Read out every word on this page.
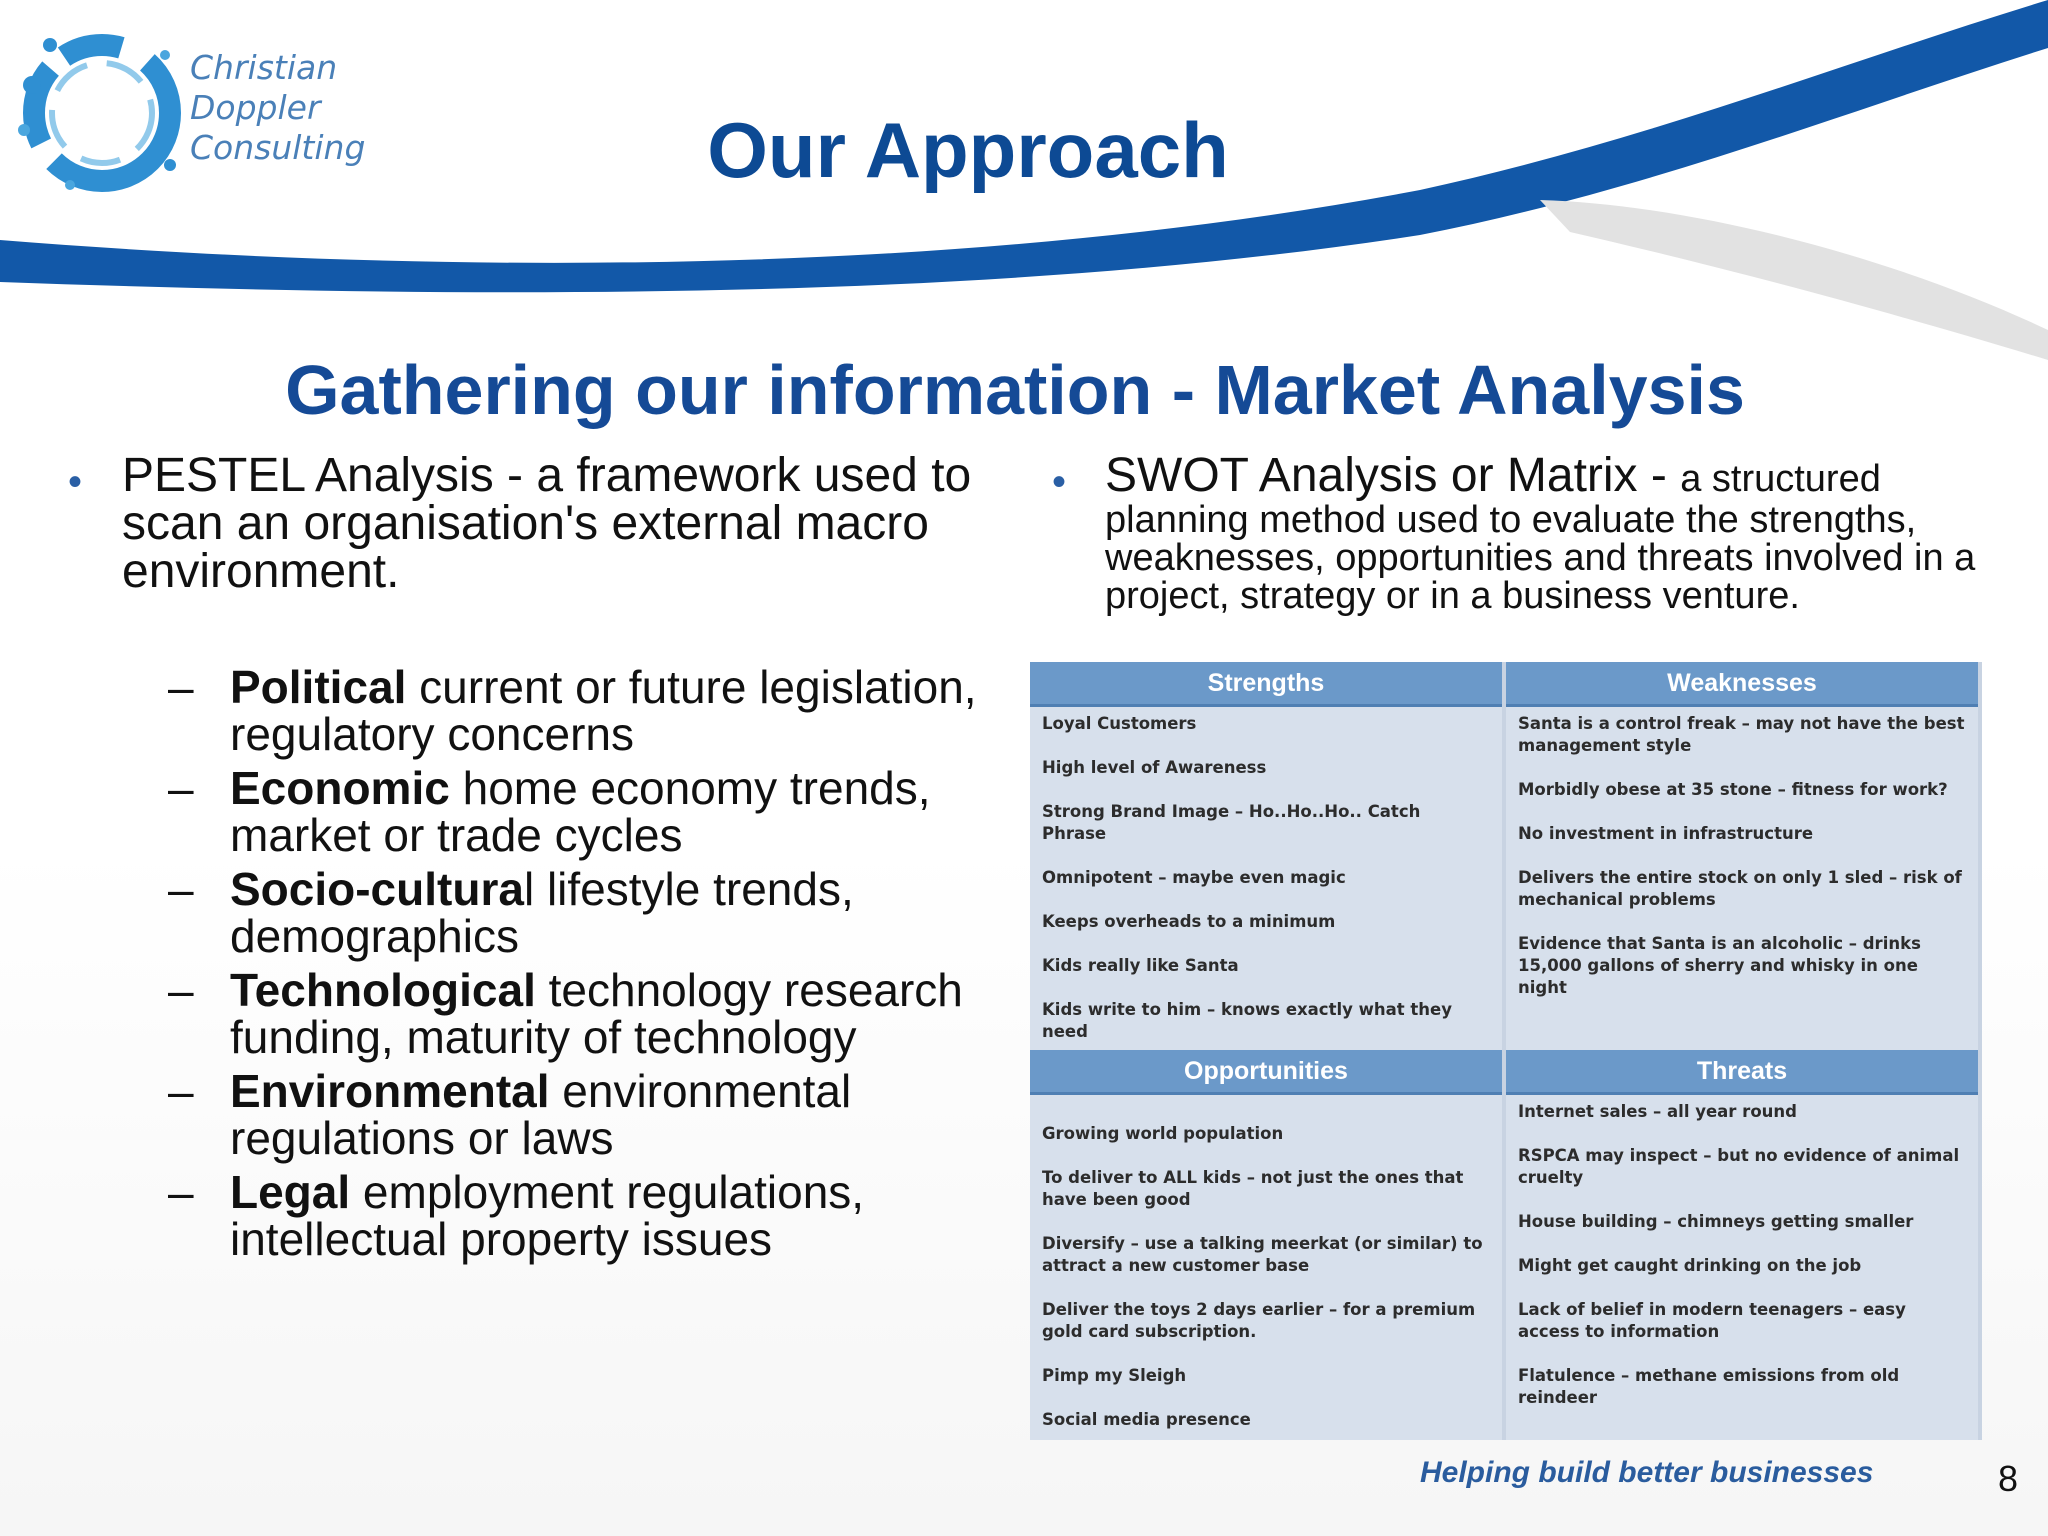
Christian
Doppler
Consulting	Our Approach
Gathering our information - Market Analysis
• PESTEL Analysis - a framework used to scan an organisation's external macro environment.
– Political current or future legislation, regulatory concerns
– Economic home economy trends, market or trade cycles
– Socio-cultural lifestyle trends, demographics
– Technological technology research funding, maturity of technology
– Environmental environmental regulations or laws
– Legal employment regulations, intellectual property issues
• SWOT Analysis or Matrix - a structured
planning method used to evaluate the strengths, weaknesses, opportunities and threats involved in a project, strategy or in a business venture.
Strengths
Loyal Customers
High level of Awareness
Strong Brand Image – Ho..Ho..Ho.. Catch Phrase
Omnipotent – maybe even magic
Keeps overheads to a minimum
Kids really like Santa
Kids write to him – knows exactly what they need
Weaknesses
Santa is a control freak – may not have the best management style
Morbidly obese at 35 stone – fitness for work?
No investment in infrastructure
Delivers the entire stock on only 1 sled – risk of mechanical problems
Evidence that Santa is an alcoholic – drinks 15,000 gallons of sherry and whisky in one night
Opportunities
Growing world population
To deliver to ALL kids – not just the ones that have been good
Diversify – use a talking meerkat (or similar) to attract a new customer base
Deliver the toys 2 days earlier – for a premium gold card subscription.
Pimp my Sleigh
Social media presence
Threats
Internet sales – all year round
RSPCA may inspect – but no evidence of animal cruelty
House building – chimneys getting smaller
Might get caught drinking on the job
Lack of belief in modern teenagers – easy access to information
Flatulence – methane emissions from old reindeer
Helping build better businesses	8
